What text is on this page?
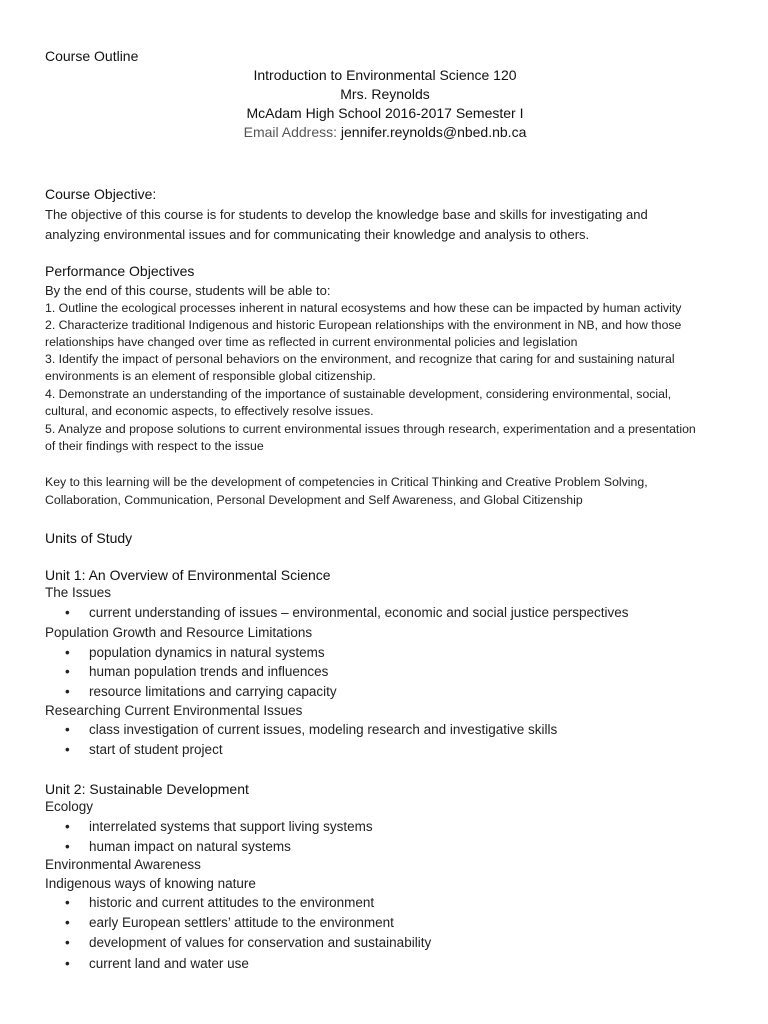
Course Outline
Introduction to Environmental Science 120
Mrs. Reynolds
McAdam High School 2016-2017 Semester I
Email Address: jennifer.reynolds@nbed.nb.ca
Course Objective:
The objective of this course is for students to develop the knowledge base and skills for investigating and
analyzing environmental issues and for communicating their knowledge and analysis to others.
Performance Objectives
By the end of this course, students will be able to:
1. Outline the ecological processes inherent in natural ecosystems and how these can be impacted by human activity
2. Characterize traditional Indigenous and historic European relationships with the environment in NB, and how those
relationships have changed over time as reflected in current environmental policies and legislation
3. Identify the impact of personal behaviors on the environment, and recognize that caring for and sustaining natural
environments is an element of responsible global citizenship.
4. Demonstrate an understanding of the importance of sustainable development, considering environmental, social,
cultural, and economic aspects, to effectively resolve issues.
5. Analyze and propose solutions to current environmental issues through research, experimentation and a presentation
of their findings with respect to the issue
Key to this learning will be the development of competencies in Critical Thinking and Creative Problem Solving,
Collaboration, Communication, Personal Development and Self Awareness, and Global Citizenship
Units of Study
Unit 1: An Overview of Environmental Science
The Issues
• current understanding of issues – environmental, economic and social justice perspectives
Population Growth and Resource Limitations
• population dynamics in natural systems
• human population trends and influences
• resource limitations and carrying capacity
Researching Current Environmental Issues
• class investigation of current issues, modeling research and investigative skills
• start of student project
Unit 2: Sustainable Development
Ecology
• interrelated systems that support living systems
• human impact on natural systems
Environmental Awareness
Indigenous ways of knowing nature
• historic and current attitudes to the environment
• early European settlers’ attitude to the environment
• development of values for conservation and sustainability
• current land and water use
